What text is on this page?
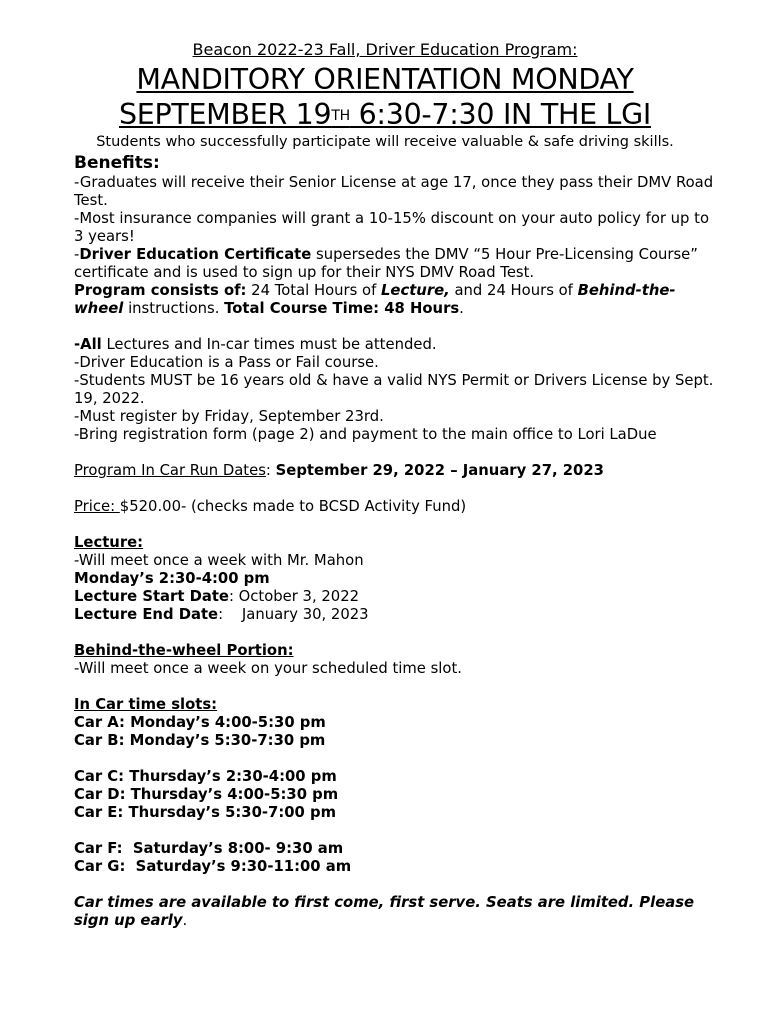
Beacon 2022-23 Fall, Driver Education Program:
MANDITORY ORIENTATION MONDAY
SEPTEMBER 19TH 6:30-7:30 IN THE LGI
Students who successfully participate will receive valuable & safe driving skills.

Benefits:

-Graduates will receive their Senior License at age 17, once they pass their DMV Road Test.

-Most insurance companies will grant a 10-15% discount on your auto policy for up to 3 years!

-Driver Education Certificate supersedes the DMV “5 Hour Pre-Licensing Course” certificate and is used to sign up for their NYS DMV Road Test.

Program consists of: 24 Total Hours of Lecture, and 24 Hours of Behind-the-wheel instructions. Total Course Time: 48 Hours.

-All Lectures and In-car times must be attended.

-Driver Education is a Pass or Fail course.

-Students MUST be 16 years old & have a valid NYS Permit or Drivers License by Sept. 19, 2022.

-Must register by Friday, September 23rd.

-Bring registration form (page 2) and payment to the main office to Lori LaDue

Program In Car Run Dates: September 29, 2022 – January 27, 2023

Price: $520.00- (checks made to BCSD Activity Fund)

Lecture:

-Will meet once a week with Mr. Mahon

Monday’s 2:30-4:00 pm

Lecture Start Date: October 3, 2022

Lecture End Date:    January 30, 2023

Behind-the-wheel Portion:

-Will meet once a week on your scheduled time slot.

In Car time slots:

Car A: Monday’s 4:00-5:30 pm

Car B: Monday’s 5:30-7:30 pm

Car C: Thursday’s 2:30-4:00 pm

Car D: Thursday’s 4:00-5:30 pm

Car E: Thursday’s 5:30-7:00 pm

Car F:  Saturday’s 8:00- 9:30 am

Car G:  Saturday’s 9:30-11:00 am

Car times are available to first come, first serve. Seats are limited. Please sign up early.
